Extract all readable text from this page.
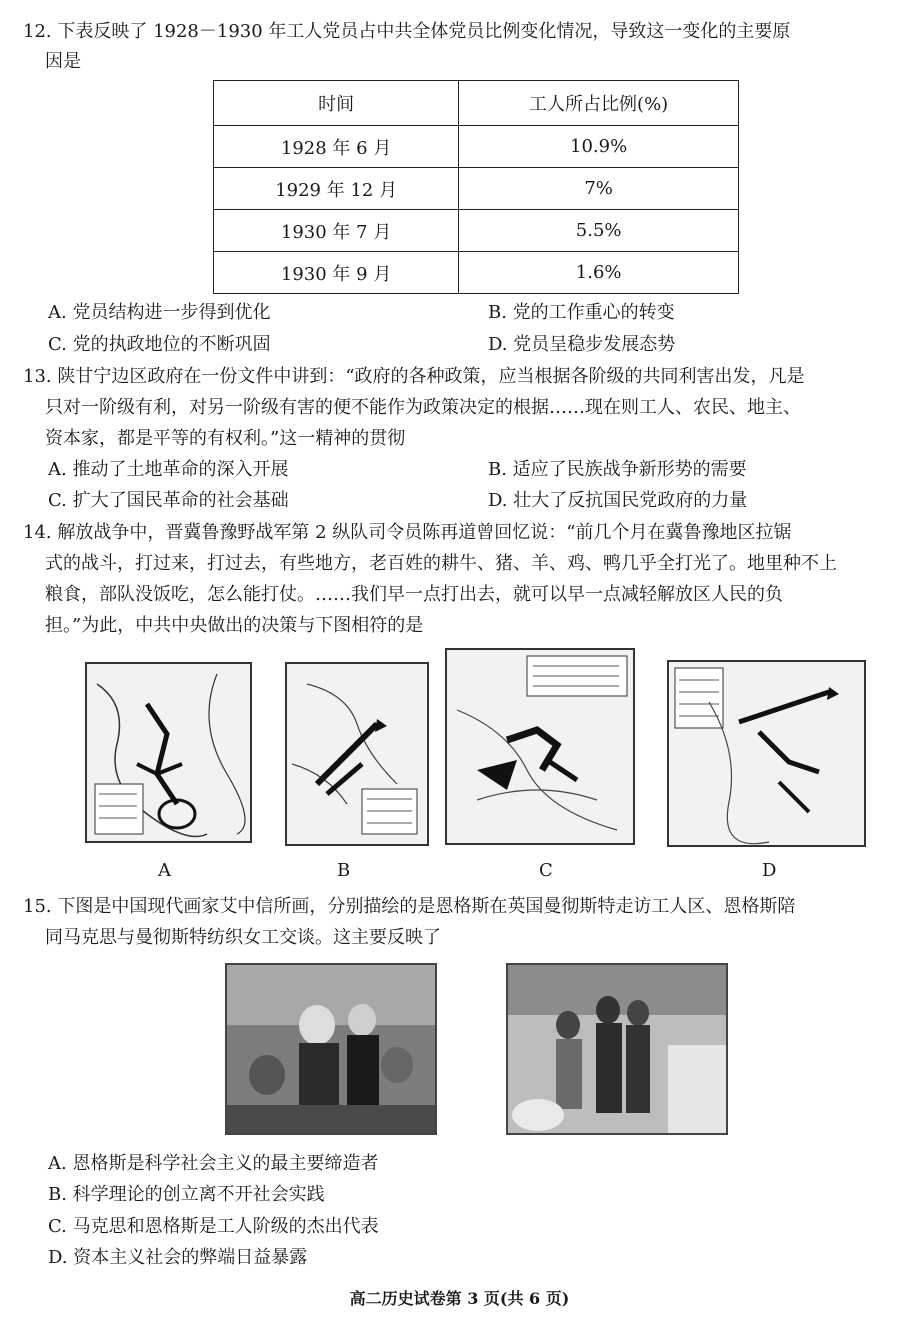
12. 下表反映了 1928－1930 年工人党员占中共全体党员比例变化情况，导致这一变化的主要原
因是
时间	工人所占比例(%)
1928 年 6 月	10.9%
1929 年 12 月	7%
1930 年 7 月	5.5%
1930 年 9 月	1.6%
A. 党员结构进一步得到优化	B. 党的工作重心的转变
C. 党的执政地位的不断巩固	D. 党员呈稳步发展态势
13. 陕甘宁边区政府在一份文件中讲到：“政府的各种政策，应当根据各阶级的共同利害出发，凡是
只对一阶级有利，对另一阶级有害的便不能作为政策决定的根据……现在则工人、农民、地主、
资本家，都是平等的有权利。”这一精神的贯彻
A. 推动了土地革命的深入开展	B. 适应了民族战争新形势的需要
C. 扩大了国民革命的社会基础	D. 壮大了反抗国民党政府的力量
14. 解放战争中，晋冀鲁豫野战军第 2 纵队司令员陈再道曾回忆说：“前几个月在冀鲁豫地区拉锯
式的战斗，打过来，打过去，有些地方，老百姓的耕牛、猪、羊、鸡、鸭几乎全打光了。地里种不上
粮食，部队没饭吃，怎么能打仗。……我们早一点打出去，就可以早一点减轻解放区人民的负
担。”为此，中共中央做出的决策与下图相符的是
A	B	C	D
15. 下图是中国现代画家艾中信所画，分别描绘的是恩格斯在英国曼彻斯特走访工人区、恩格斯陪
同马克思与曼彻斯特纺织女工交谈。这主要反映了
A. 恩格斯是科学社会主义的最主要缔造者
B. 科学理论的创立离不开社会实践
C. 马克思和恩格斯是工人阶级的杰出代表
D. 资本主义社会的弊端日益暴露
高二历史试卷第 3 页(共 6 页)
